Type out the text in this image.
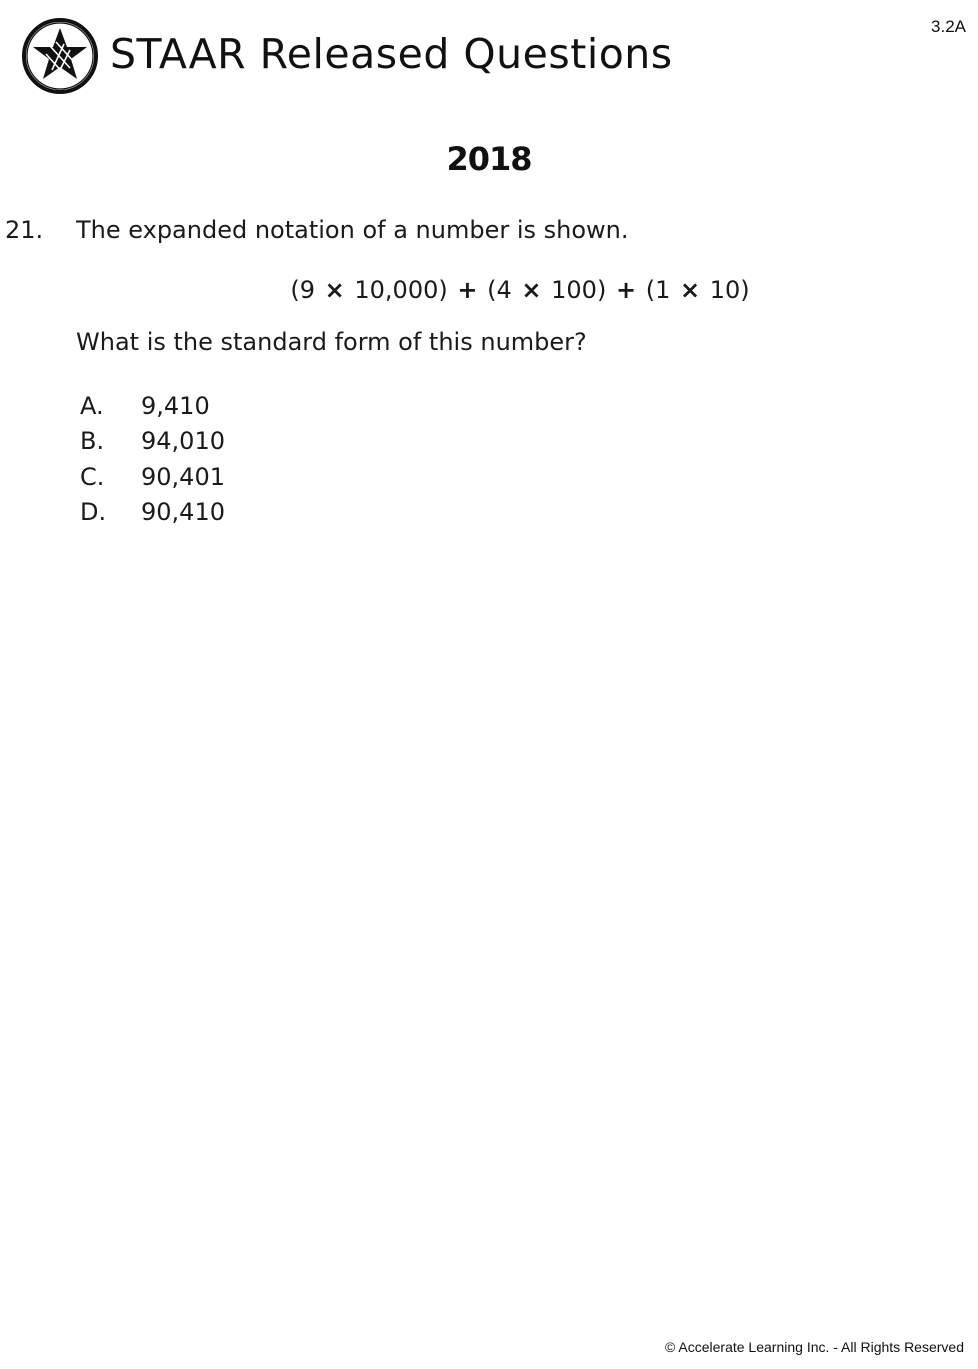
3.2A
STAAR Released Questions
2018
21. The expanded notation of a number is shown.
(9 × 10,000) + (4 × 100) + (1 × 10)
What is the standard form of this number?
A.	9,410
B.	94,010
C.	90,401
D.	90,410
© Accelerate Learning Inc. - All Rights Reserved
